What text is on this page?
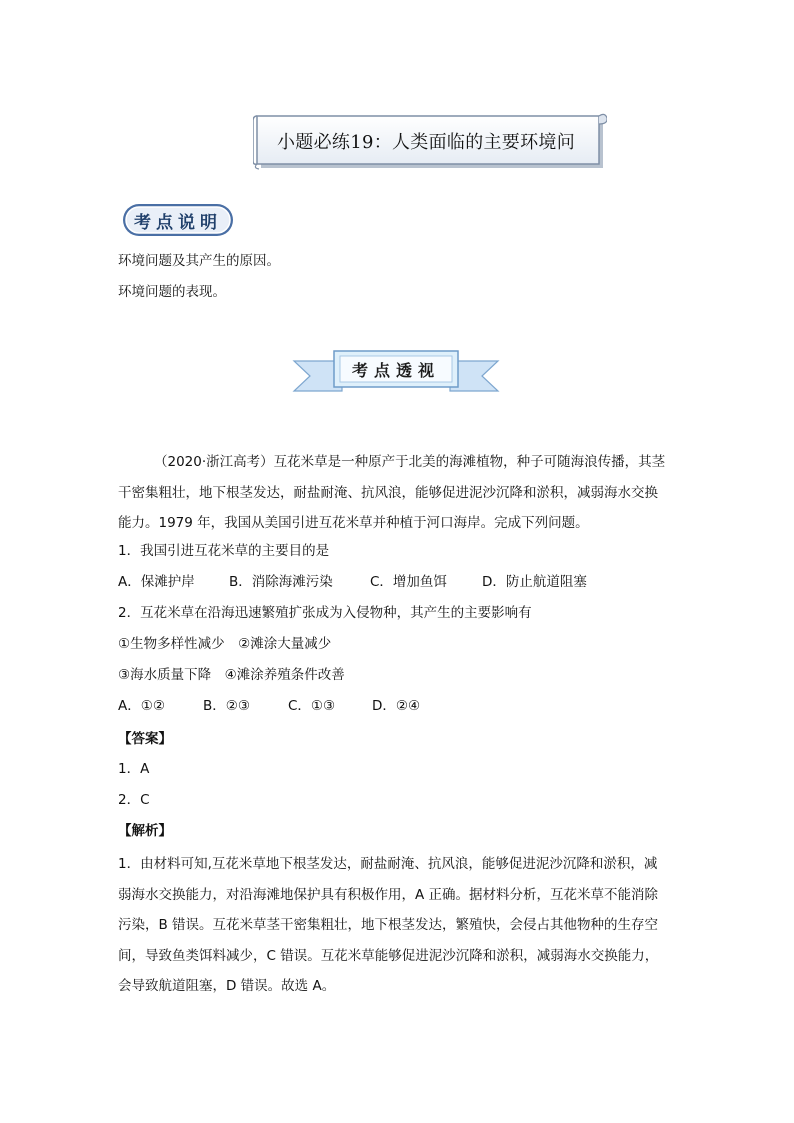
小题必练19：人类面临的主要环境问
考点说明
环境问题及其产生的原因。
环境问题的表现。
考点透视
（2020·浙江高考）互花米草是一种原产于北美的海滩植物，种子可随海浪传播，其茎
干密集粗壮，地下根茎发达，耐盐耐淹、抗风浪，能够促进泥沙沉降和淤积，减弱海水交换
能力。1979 年，我国从美国引进互花米草并种植于河口海岸。完成下列问题。
1．我国引进互花米草的主要目的是
A．保滩护岸	B．消除海滩污染	C．增加鱼饵	D．防止航道阻塞
2．互花米草在沿海迅速繁殖扩张成为入侵物种，其产生的主要影响有
①生物多样性减少　②滩涂大量减少
③海水质量下降　④滩涂养殖条件改善
A．①②	B．②③	C．①③	D．②④
【答案】
1．A
2．C
【解析】
1．由材料可知,互花米草地下根茎发达，耐盐耐淹、抗风浪，能够促进泥沙沉降和淤积，减
弱海水交换能力，对沿海滩地保护具有积极作用，A 正确。据材料分析，互花米草不能消除
污染，B 错误。互花米草茎干密集粗壮，地下根茎发达，繁殖快，会侵占其他物种的生存空
间，导致鱼类饵料减少，C 错误。互花米草能够促进泥沙沉降和淤积，减弱海水交换能力，
会导致航道阻塞，D 错误。故选 A。
